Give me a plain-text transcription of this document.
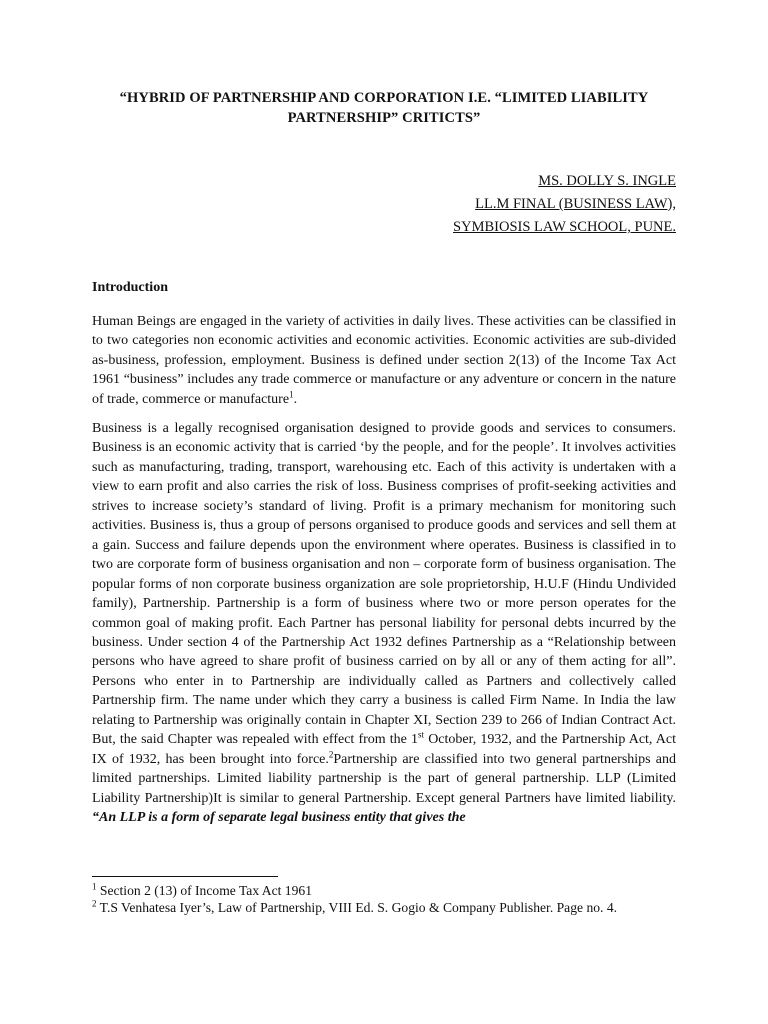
“HYBRID OF PARTNERSHIP AND CORPORATION I.E. “LIMITED LIABILITY
PARTNERSHIP” CRITICTS”
MS. DOLLY S. INGLE
LL.M FINAL (BUSINESS LAW),
SYMBIOSIS LAW SCHOOL, PUNE.
Introduction

Human Beings are engaged in the variety of activities in daily lives. These activities can be classified in to two categories non economic activities and economic activities. Economic activities are sub-divided as-business, profession, employment. Business is defined under section 2(13) of the Income Tax Act 1961 “business” includes any trade commerce or manufacture or any adventure or concern in the nature of trade, commerce or manufacture$^1$.

Business is a legally recognised organisation designed to provide goods and services to consumers. Business is an economic activity that is carried ‘by the people, and for the people’. It involves activities such as manufacturing, trading, transport, warehousing etc. Each of this activity is undertaken with a view to earn profit and also carries the risk of loss. Business comprises of profit-seeking activities and strives to increase society’s standard of living. Profit is a primary mechanism for monitoring such activities. Business is, thus a group of persons organised to produce goods and services and sell them at a gain. Success and failure depends upon the environment where operates. Business is classified in to two are corporate form of business organisation and non – corporate form of business organisation. The popular forms of non corporate business organization are sole proprietorship, H.U.F (Hindu Undivided family), Partnership. Partnership is a form of business where two or more person operates for the common goal of making profit. Each Partner has personal liability for personal debts incurred by the business. Under section 4 of the Partnership Act 1932 defines Partnership as a “Relationship between persons who have agreed to share profit of business carried on by all or any of them acting for all”. Persons who enter in to Partnership are individually called as Partners and collectively called Partnership firm. The name under which they carry a business is called Firm Name. In India the law relating to Partnership was originally contain in Chapter XI, Section 239 to 266 of Indian Contract Act. But, the said Chapter was repealed with effect from the 1st October, 1932, and the Partnership Act, Act IX of 1932, has been brought into force.$^2$Partnership are classified into two general partnerships and limited partnerships. Limited liability partnership is the part of general partnership. LLP (Limited Liability Partnership)It is similar to general Partnership. Except general Partners have limited liability. “An LLP is a form of separate legal business entity that gives the

$^1$ Section 2 (13) of Income Tax Act 1961
$^2$ T.S Venhatesa Iyer’s, Law of Partnership, VIII Ed. S. Gogio & Company Publisher. Page no. 4.
